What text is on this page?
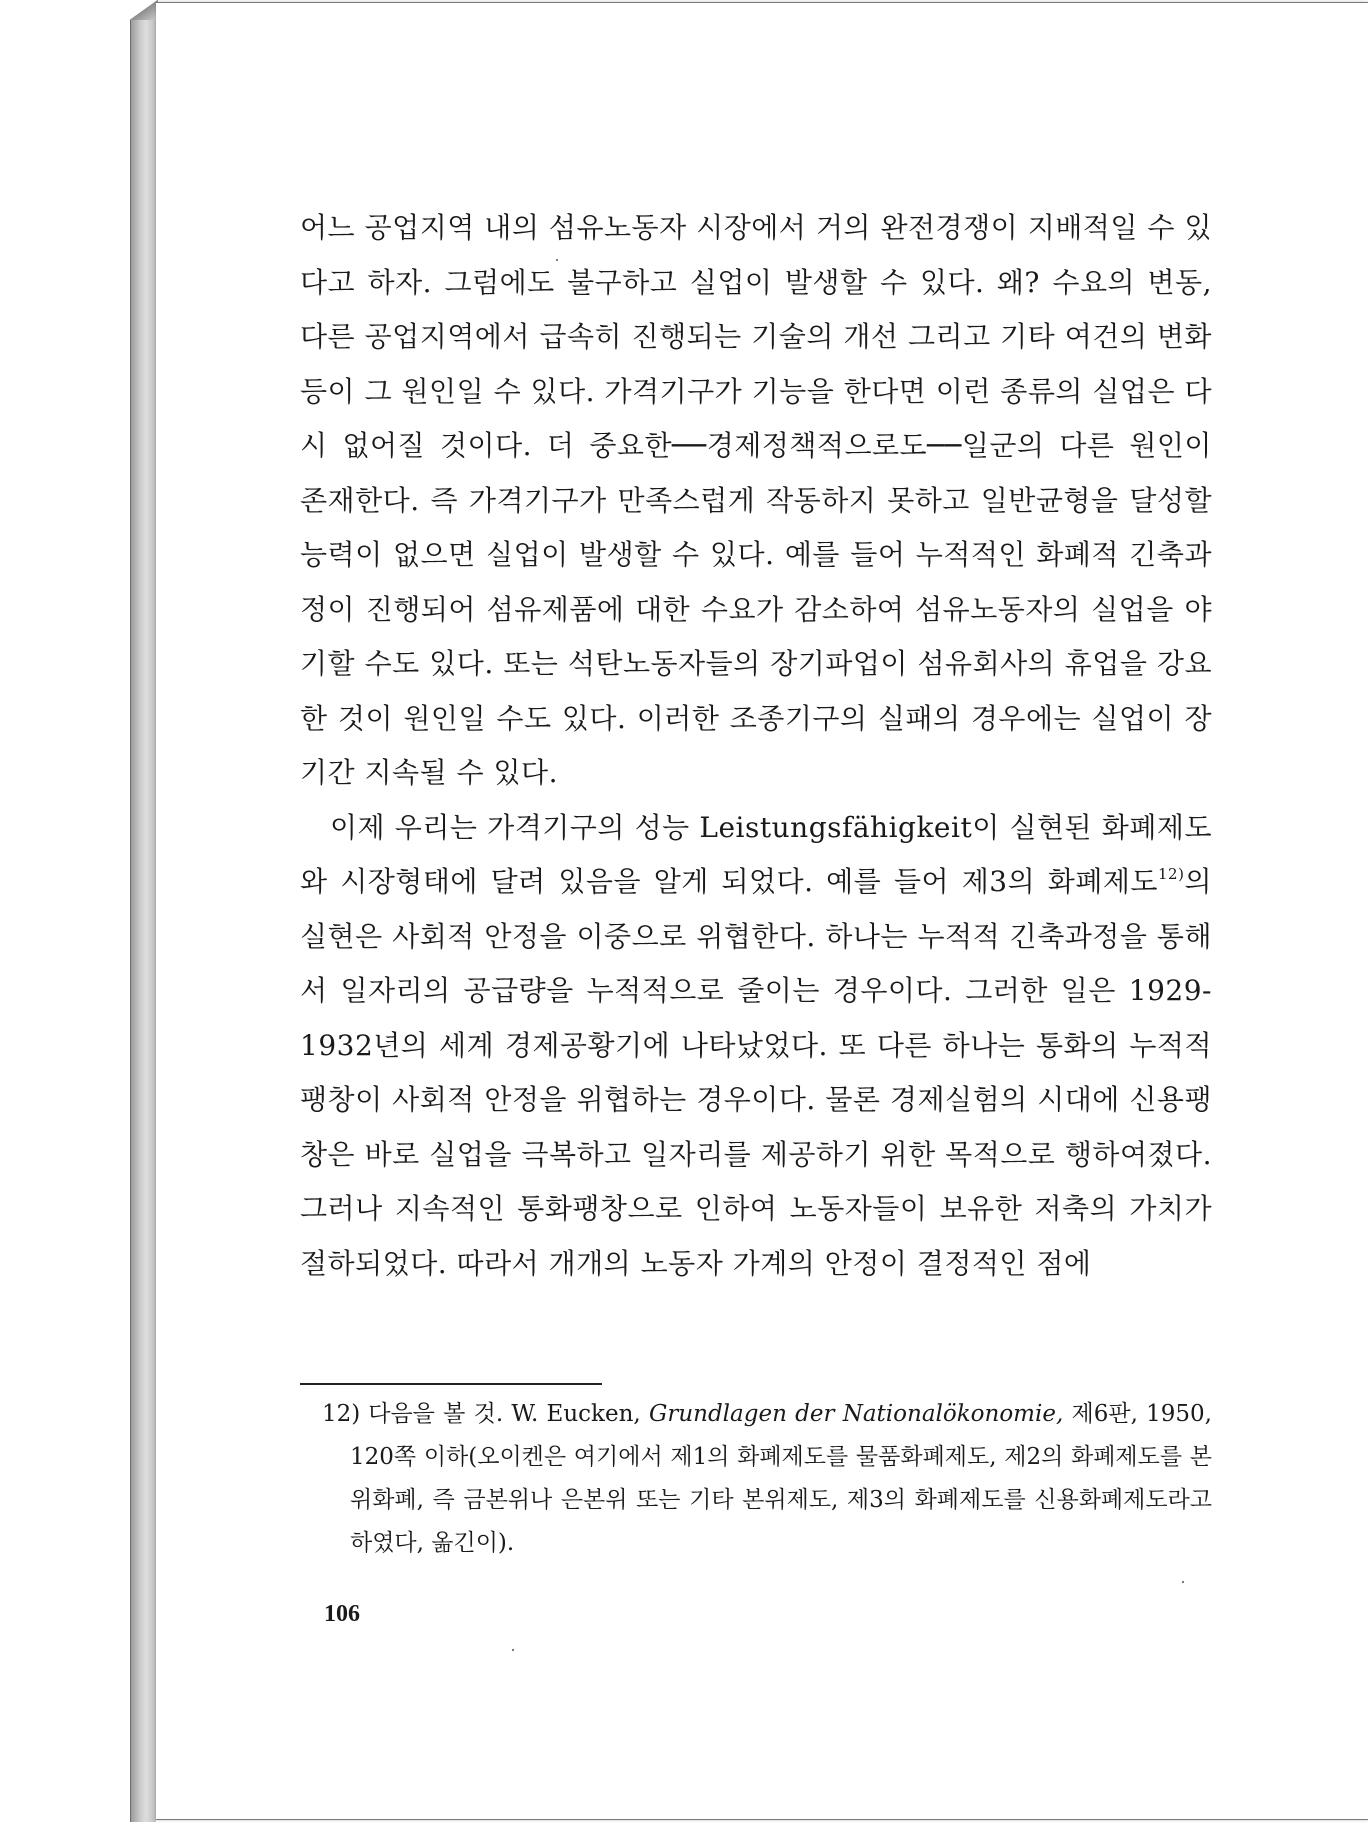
어느 공업지역 내의 섬유노동자 시장에서 거의 완전경쟁이 지배적일 수 있다고 하자. 그럼에도 불구하고 실업이 발생할 수 있다. 왜? 수요의 변동, 다른 공업지역에서 급속히 진행되는 기술의 개선 그리고 기타 여건의 변화 등이 그 원인일 수 있다. 가격기구가 기능을 한다면 이런 종류의 실업은 다시 없어질 것이다. 더 중요한──경제정책적으로도──일군의 다른 원인이 존재한다. 즉 가격기구가 만족스럽게 작동하지 못하고 일반균형을 달성할 능력이 없으면 실업이 발생할 수 있다. 예를 들어 누적적인 화폐적 긴축과정이 진행되어 섬유제품에 대한 수요가 감소하여 섬유노동자의 실업을 야기할 수도 있다. 또는 석탄노동자들의 장기파업이 섬유회사의 휴업을 강요한 것이 원인일 수도 있다. 이러한 조종기구의 실패의 경우에는 실업이 장기간 지속될 수 있다.

이제 우리는 가격기구의 성능 Leistungsfähigkeit이 실현된 화폐제도와 시장형태에 달려 있음을 알게 되었다. 예를 들어 제3의 화폐제도$^{12)}$의 실현은 사회적 안정을 이중으로 위협한다. 하나는 누적적 긴축과정을 통해서 일자리의 공급량을 누적적으로 줄이는 경우이다. 그러한 일은 1929-1932년의 세계 경제공황기에 나타났었다. 또 다른 하나는 통화의 누적적 팽창이 사회적 안정을 위협하는 경우이다. 물론 경제실험의 시대에 신용팽창은 바로 실업을 극복하고 일자리를 제공하기 위한 목적으로 행하여졌다. 그러나 지속적인 통화팽창으로 인하여 노동자들이 보유한 저축의 가치가 절하되었다. 따라서 개개의 노동자 가계의 안정이 결정적인 점에

12) 다음을 볼 것. W. Eucken, Grundlagen der Nationalökonomie, 제6판, 1950, 120쪽 이하(오이켄은 여기에서 제1의 화폐제도를 물품화폐제도, 제2의 화폐제도를 본위화폐, 즉 금본위나 은본위 또는 기타 본위제도, 제3의 화폐제도를 신용화폐제도라고 하였다, 옮긴이).
106
